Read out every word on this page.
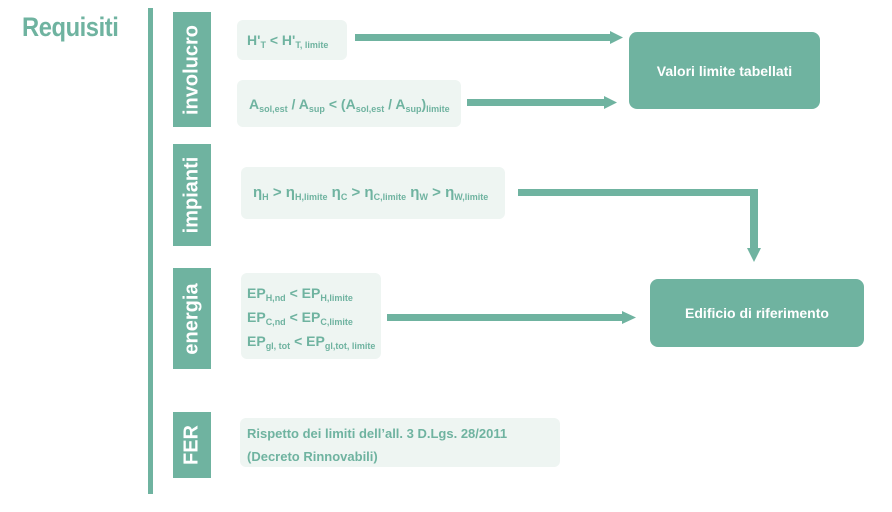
Requisiti	involucro
impianti
energia
FER
$H'_T < H'_{T, limite}$
$A_{sol,est} / A_{sup} < (A_{sol,est} / A_{sup})_{limite}$
$\eta_H > \eta_{H,limite}$ $\eta_C > \eta_{C,limite}$ $\eta_W > \eta_{W,limite}$
$EP_{H,nd} < EP_{H,limite}$
$EP_{C,nd} < EP_{C,limite}$
$EP_{gl, tot} < EP_{gl,tot, limite}$
Rispetto dei limiti dell’all. 3 D.Lgs. 28/2011
(Decreto Rinnovabili)
Valori limite tabellati
Edificio di riferimento
